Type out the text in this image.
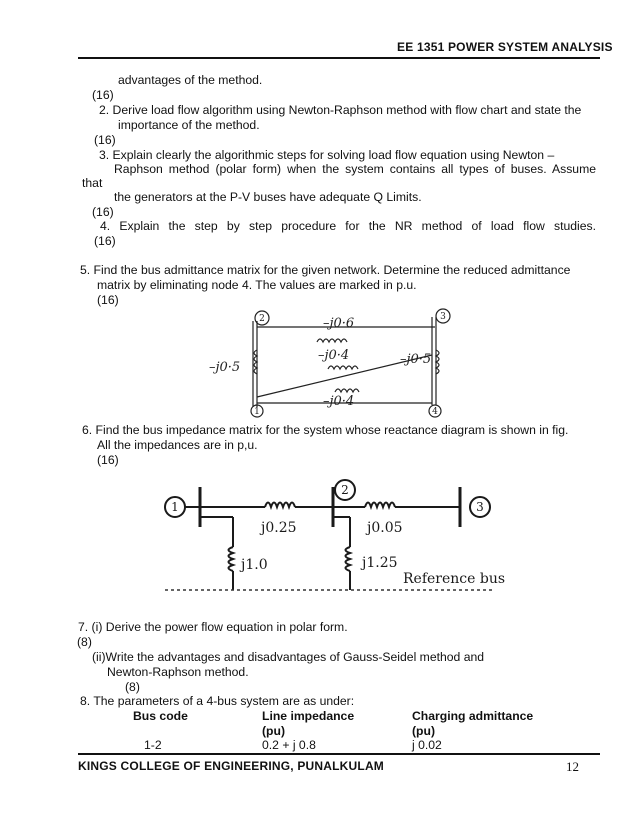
EE 1351 POWER SYSTEM ANALYSIS
advantages of the method.
(16)
2. Derive load flow algorithm using Newton-Raphson method with flow chart and state the
importance of the method.
(16)
3. Explain clearly the algorithmic steps for solving load flow equation using Newton –
Raphson method (polar form) when the system contains all types of buses. Assume
that
the generators at the P-V buses have adequate Q Limits.
(16)
4. Explain the step by step procedure for the NR method of load flow studies.
(16)
5. Find the bus admittance matrix for the given network. Determine the reduced admittance
matrix by eliminating node 4. The values are marked in p.u.
(16)
2	3
1	4
–j0·6
–j0·4
–j0·4
–j0·5
–j0·5
6. Find the bus impedance matrix for the system whose reactance diagram is shown in fig.
All the impedances are in p,u.
(16)
1
2
3
j0.25	j0.05
j1.0	j1.25
Reference bus
7. (i) Derive the power flow equation in polar form.
(8)
(ii)Write the advantages and disadvantages of Gauss-Seidel method and
Newton-Raphson method.
(8)
8. The parameters of a 4-bus system are as under:
Bus code	Line impedance	Charging admittance
(pu)	(pu)
1-2	0.2 + j 0.8	j 0.02
KINGS COLLEGE OF ENGINEERING, PUNALKULAM	12
